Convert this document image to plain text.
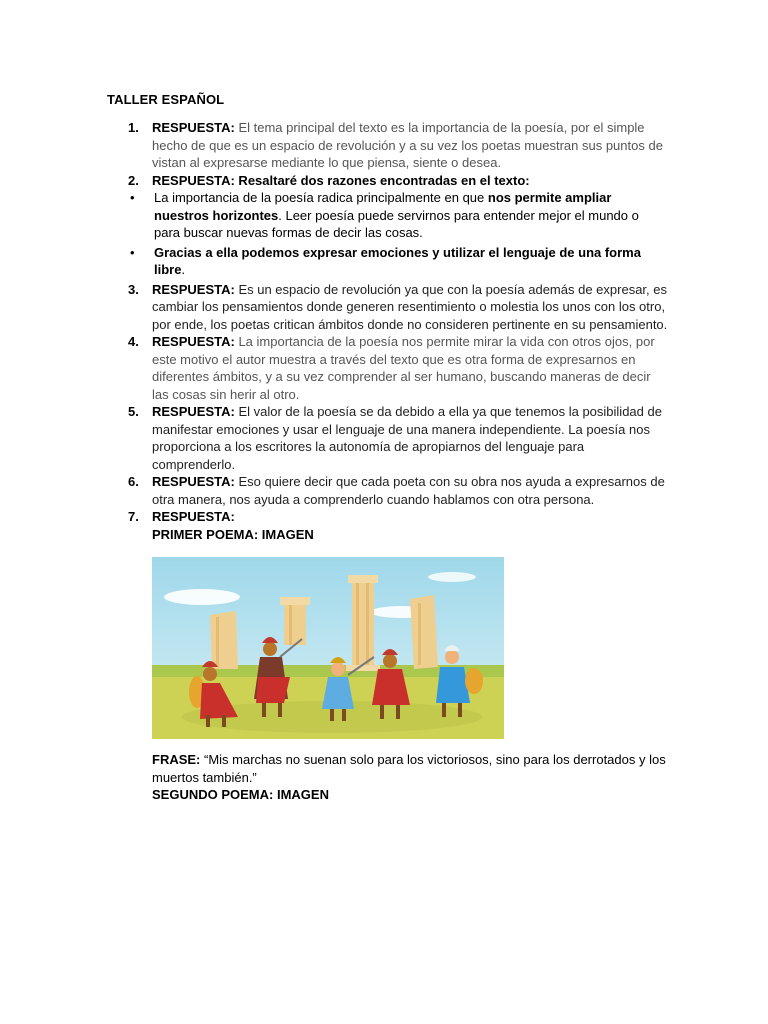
TALLER ESPAÑOL
1. RESPUESTA: El tema principal del texto es la importancia de la poesía, por el simple hecho de que es un espacio de revolución y a su vez los poetas muestran sus puntos de vistan al expresarse mediante lo que piensa, siente o desea.
2. RESPUESTA: Resaltaré dos razones encontradas en el texto:
• La importancia de la poesía radica principalmente en que nos permite ampliar nuestros horizontes. Leer poesía puede servirnos para entender mejor el mundo o para buscar nuevas formas de decir las cosas.
• Gracias a ella podemos expresar emociones y utilizar el lenguaje de una forma libre.
3. RESPUESTA: Es un espacio de revolución ya que con la poesía además de expresar, es cambiar los pensamientos donde generen resentimiento o molestia los unos con los otro, por ende, los poetas critican ámbitos donde no consideren pertinente en su pensamiento.
4. RESPUESTA: La importancia de la poesía nos permite mirar la vida con otros ojos, por este motivo el autor muestra a través del texto que es otra forma de expresarnos en diferentes ámbitos, y a su vez comprender al ser humano, buscando maneras de decir las cosas sin herir al otro.
5. RESPUESTA: El valor de la poesía se da debido a ella ya que tenemos la posibilidad de manifestar emociones y usar el lenguaje de una manera independiente. La poesía nos proporciona a los escritores la autonomía de apropiarnos del lenguaje para comprenderlo.
6. RESPUESTA: Eso quiere decir que cada poeta con su obra nos ayuda a expresarnos de otra manera, nos ayuda a comprenderlo cuando hablamos con otra persona.
7. RESPUESTA:
PRIMER POEMA: IMAGEN
FRASE: “Mis marchas no suenan solo para los victoriosos, sino para los derrotados y los muertos también.”
SEGUNDO POEMA: IMAGEN
